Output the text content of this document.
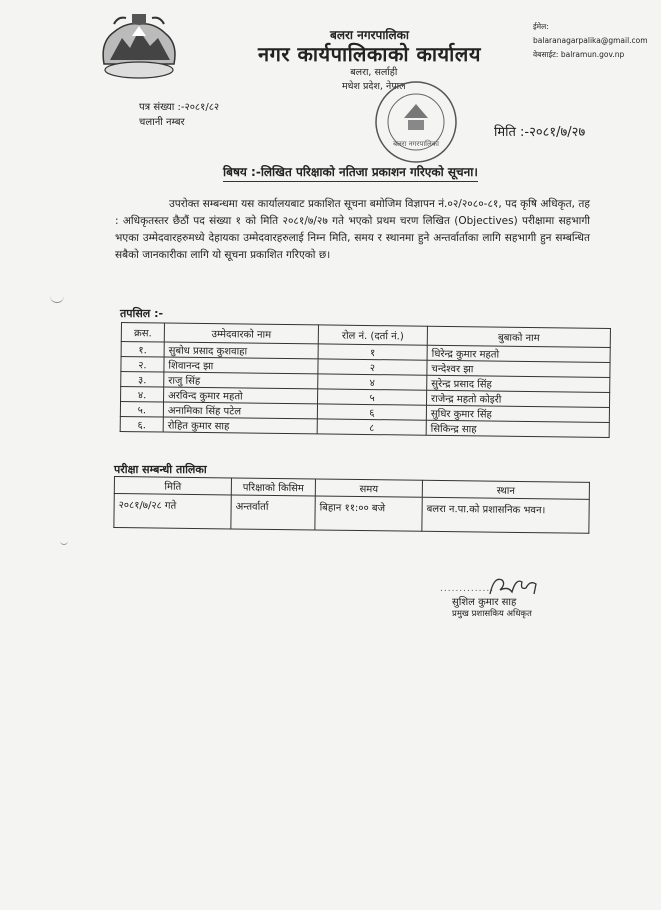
बलरा नगरपालिका
नगर कार्यपालिकाको कार्यालय
बलरा, सर्लाही
मधेश प्रदेश, नेपाल
ईमेल: balaranagarpalika@gmail.com
वेबसाईट: balramun.gov.np
बलरा नगरपालिका
पत्र संख्या :-२०८१/८२
चलानी नम्बर
मिति :-२०८१/७/२७
बिषय :-लिखित परिक्षाको नतिजा प्रकाशन गरिएको सूचना।
उपरोक्त सम्बन्धमा यस कार्यालयबाट प्रकाशित सूचना बमोजिम विज्ञापन नं.०२/२०८०-८१, पद कृषि अधिकृत, तह : अधिकृतस्तर छैठौं पद संख्या १ को मिति २०८१/७/२७ गते भएको प्रथम चरण लिखित (Objectives) परीक्षामा सहभागी भएका उम्मेदवारहरुमध्ये देहायका उम्मेदवारहरुलाई निम्न मिति, समय र स्थानमा हुने अन्तर्वार्ताका लागि सहभागी हुन सम्बन्धित सबैको जानकारीका लागि यो सूचना प्रकाशित गरिएको छ।
तपसिल :-
क्रस.	उम्मेदवारको नाम	रोल नं. (दर्ता नं.)	बुबाको नाम
१.	सुबोध प्रसाद कुशवाहा	१	धिरेन्द्र कुमार महतो
२.	शिवानन्द झा	२	चन्देश्वर झा
३.	राजु सिंह	४	सुरेन्द्र प्रसाद सिंह
४.	अरविन्द कुमार महतो	५	राजेन्द्र महतो कोइरी
५.	अनामिका सिंह पटेल	६	सुधिर कुमार सिंह
६.	रोहित कुमार साह	८	सिकिन्द्र साह
परीक्षा सम्बन्धी तालिका
मिति	परिक्षाको किसिम	समय	स्थान
२०८१/७/२८ गते	अन्तर्वार्ता	बिहान ११:०० बजे	बलरा न.पा.को प्रशासनिक भवन।
..............
सुशिल कुमार साह
प्रमुख प्रशासकिय अधिकृत
